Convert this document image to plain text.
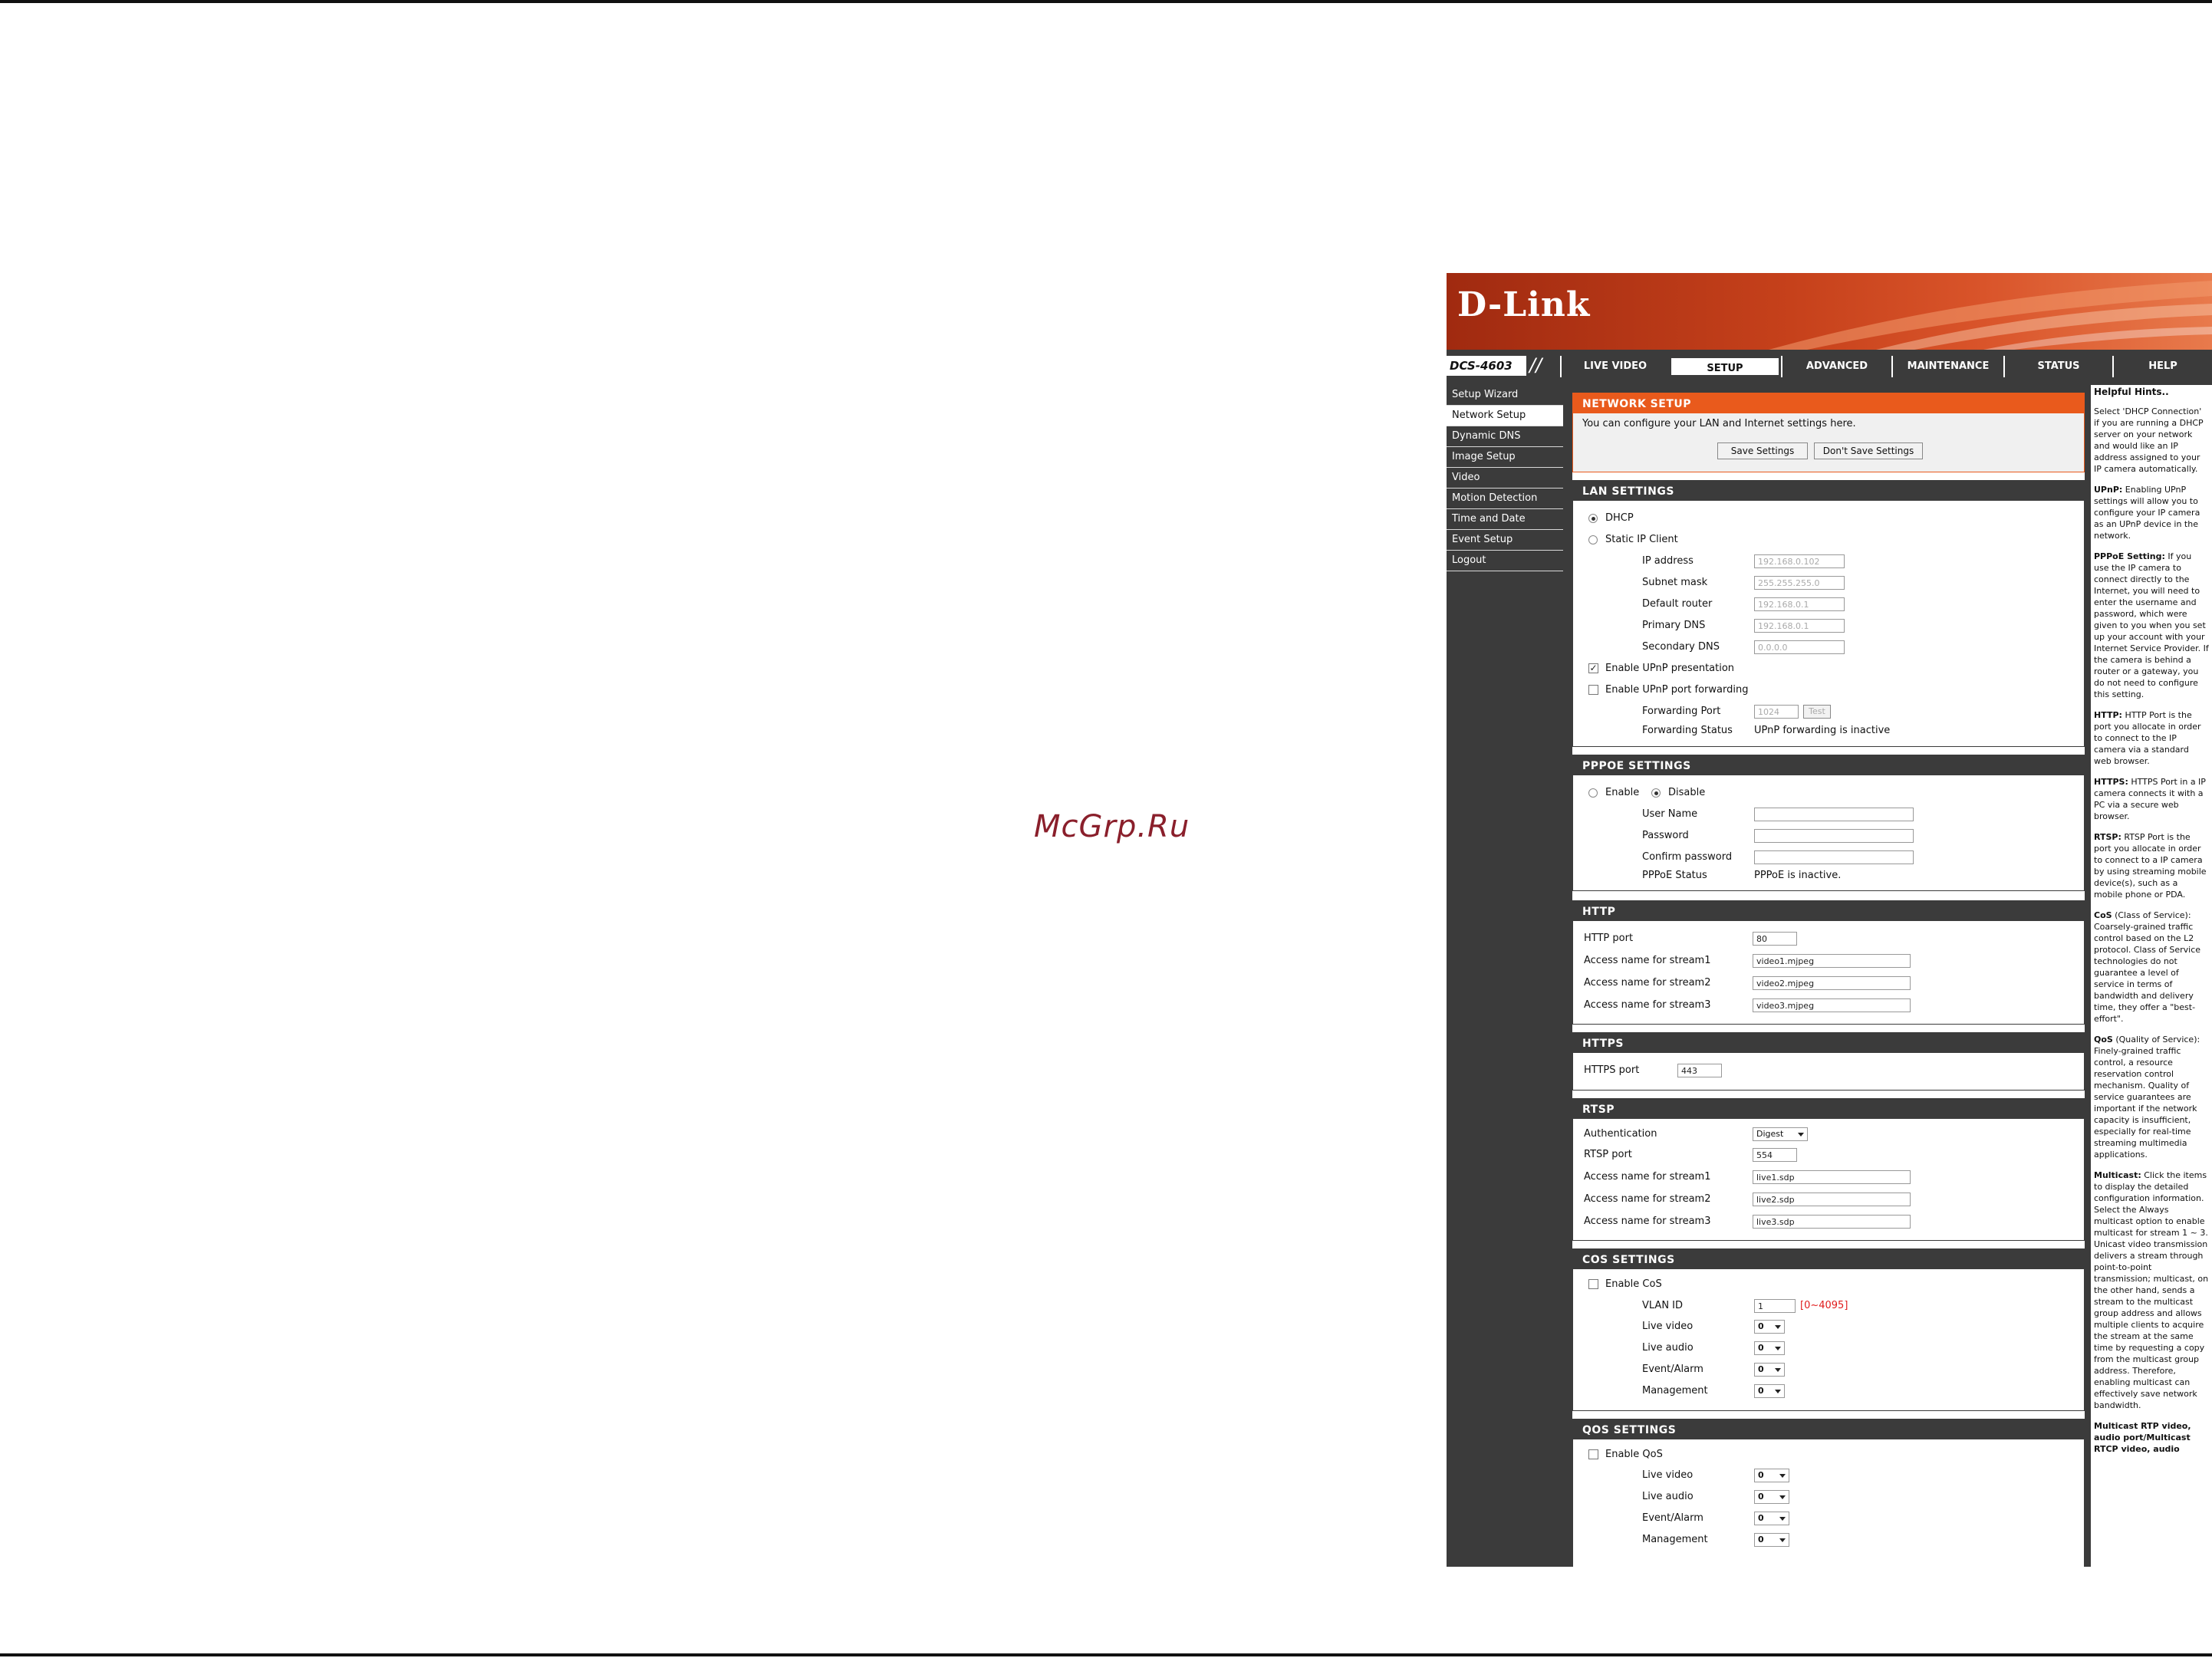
McGrp.Ru
D-Link
DCS-4603 //	LIVE VIDEO	SETUP	ADVANCED	MAINTENANCE	STATUS	HELP
Setup Wizard
Network Setup
Dynamic DNS
Image Setup
Video
Motion Detection
Time and Date
Event Setup
Logout
NETWORK SETUP
You can configure your LAN and Internet settings here.
Save Settings	Don't Save Settings
LAN SETTINGS
DHCP
Static IP Client
IP address	192.168.0.102
Subnet mask	255.255.255.0
Default router	192.168.0.1
Primary DNS	192.168.0.1
Secondary DNS	0.0.0.0
✓ Enable UPnP presentation
Enable UPnP port forwarding
Forwarding Port	1024	Test
Forwarding Status UPnP forwarding is inactive
PPPOE SETTINGS
Enable	Disable
User Name
Password
Confirm password
PPPoE Status	PPPoE is inactive.
HTTP
HTTP port	80
Access name for stream1	video1.mjpeg
Access name for stream2	video2.mjpeg
Access name for stream3	video3.mjpeg
HTTPS
HTTPS port	443
RTSP
Authentication	Digest
RTSP port	554
Access name for stream1	live1.sdp
Access name for stream2	live2.sdp
Access name for stream3	live3.sdp
COS SETTINGS
Enable CoS
VLAN ID	1	[0~4095]
Live video	0
Live audio	0
Event/Alarm	0
Management	0
QOS SETTINGS
Enable QoS
Live video	0
Live audio	0
Event/Alarm	0
Management	0

Helpful Hints..

Select 'DHCP Connection' if you are running a DHCP server on your network and would like an IP address assigned to your IP camera automatically.

UPnP: Enabling UPnP settings will allow you to configure your IP camera as an UPnP device in the network.

PPPoE Setting: If you use the IP camera to connect directly to the Internet, you will need to enter the username and password, which were given to you when you set up your account with your Internet Service Provider. If the camera is behind a router or a gateway, you do not need to configure this setting.

HTTP: HTTP Port is the port you allocate in order to connect to the IP camera via a standard web browser.

HTTPS: HTTPS Port in a IP camera connects it with a PC via a secure web browser.

RTSP: RTSP Port is the port you allocate in order to connect to a IP camera by using streaming mobile device(s), such as a mobile phone or PDA.

CoS (Class of Service): Coarsely-grained traffic control based on the L2 protocol. Class of Service technologies do not guarantee a level of service in terms of bandwidth and delivery time, they offer a "best-effort".

QoS (Quality of Service): Finely-grained traffic control, a resource reservation control mechanism. Quality of service guarantees are important if the network capacity is insufficient, especially for real-time streaming multimedia applications.

Multicast: Click the items to display the detailed configuration information. Select the Always multicast option to enable multicast for stream 1 ~ 3. Unicast video transmission delivers a stream through point-to-point transmission; multicast, on the other hand, sends a stream to the multicast group address and allows multiple clients to acquire the stream at the same time by requesting a copy from the multicast group address. Therefore, enabling multicast can effectively save network bandwidth.

Multicast RTP video, audio port/Multicast RTCP video, audio
